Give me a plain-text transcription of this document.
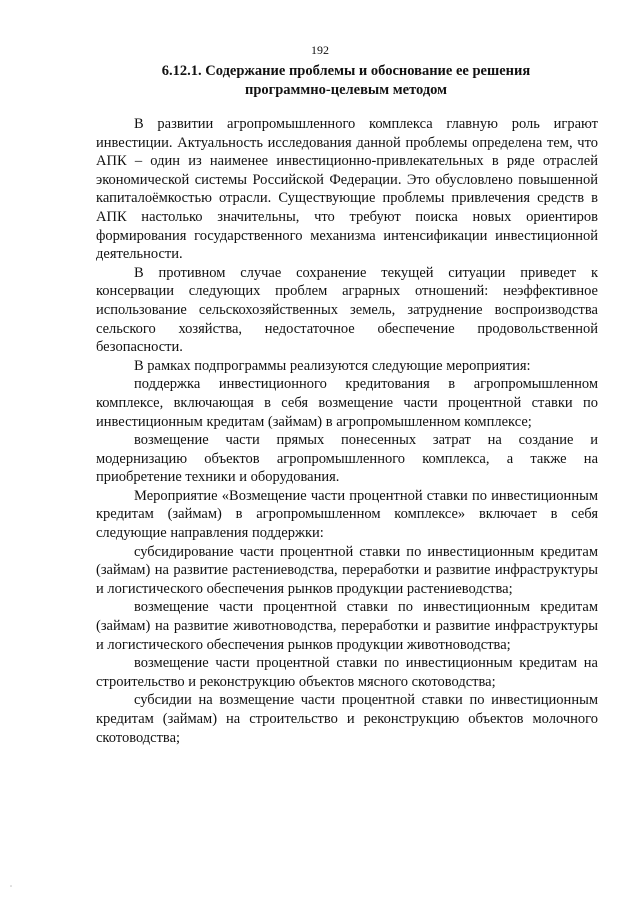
192
6.12.1. Содержание проблемы и обоснование ее решения
программно-целевым методом

В развитии агропромышленного комплекса главную роль играют инвестиции. Актуальность исследования данной проблемы определена тем, что АПК – один из наименее инвестиционно-привлекательных в ряде отраслей экономической системы Российской Федерации. Это обусловлено повышенной капиталоёмкостью отрасли. Существующие проблемы привлечения средств в АПК настолько значительны, что требуют поиска новых ориентиров формирования государственного механизма интенсификации инвестиционной деятельности.

В противном случае сохранение текущей ситуации приведет к консервации следующих проблем аграрных отношений: неэффективное использование сельскохозяйственных земель, затруднение воспроизводства сельского хозяйства, недостаточное обеспечение продовольственной безопасности.

В рамках подпрограммы реализуются следующие мероприятия:

поддержка инвестиционного кредитования в агропромышленном комплексе, включающая в себя возмещение части процентной ставки по инвестиционным кредитам (займам) в агропромышленном комплексе;

возмещение части прямых понесенных затрат на создание и модернизацию объектов агропромышленного комплекса, а также на приобретение техники и оборудования.

Мероприятие «Возмещение части процентной ставки по инвестиционным кредитам (займам) в агропромышленном комплексе» включает в себя следующие направления поддержки:

субсидирование части процентной ставки по инвестиционным кредитам (займам) на развитие растениеводства, переработки и развитие инфраструктуры и логистического обеспечения рынков продукции растениеводства;

возмещение части процентной ставки по инвестиционным кредитам (займам) на развитие животноводства, переработки и развитие инфраструктуры и логистического обеспечения рынков продукции животноводства;

возмещение части процентной ставки по инвестиционным кредитам на строительство и реконструкцию объектов мясного скотоводства;

субсидии на возмещение части процентной ставки по инвестиционным кредитам (займам) на строительство и реконструкцию объектов молочного скотоводства;
